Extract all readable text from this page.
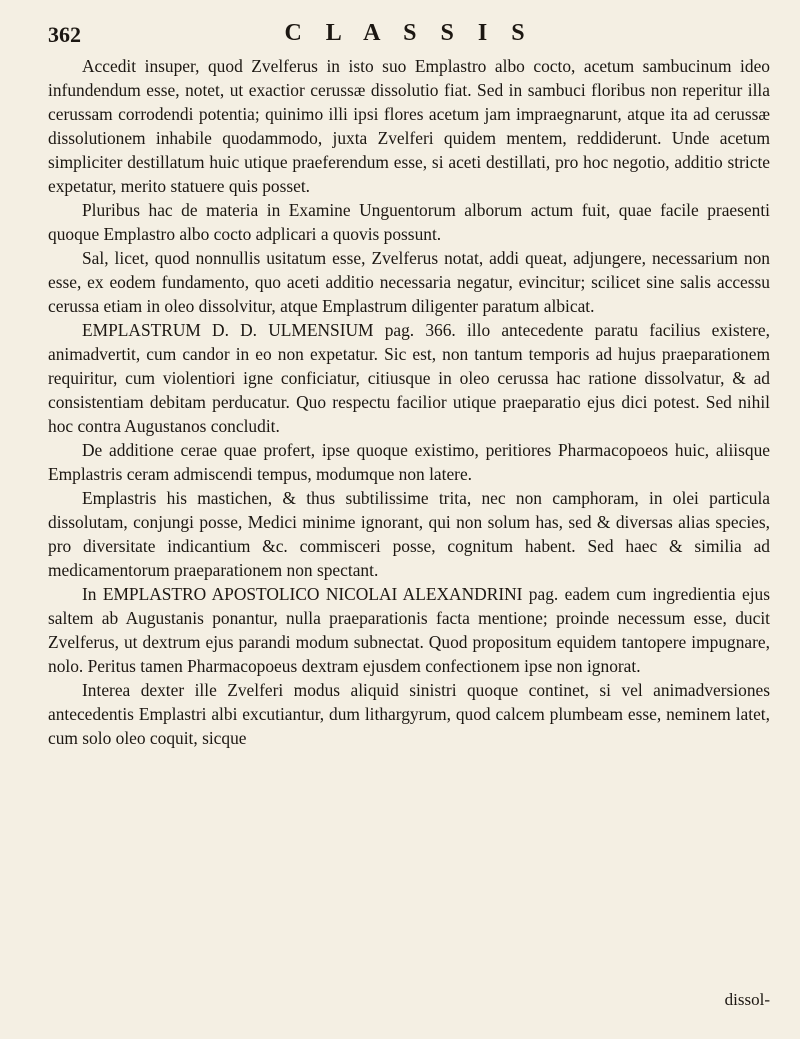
362	C L A S S I S

Accedit insuper, quod Zvelferus in isto suo Emplastro albo cocto, acetum sambucinum ideo infundendum esse, notet, ut exactior cerussæ dissolutio fiat. Sed in sambuci floribus non reperitur illa cerussam corrodendi potentia; quinimo illi ipsi flores acetum jam impraegnarunt, atque ita ad cerussæ dissolutionem inhabile quodammodo, juxta Zvelferi quidem mentem, reddiderunt. Unde acetum simpliciter destillatum huic utique praeferendum esse, si aceti destillati, pro hoc negotio, additio stricte expetatur, merito statuere quis posset.

Pluribus hac de materia in Examine Unguentorum alborum actum fuit, quae facile praesenti quoque Emplastro albo cocto adplicari a quovis possunt.

Sal, licet, quod nonnullis usitatum esse, Zvelferus notat, addi queat, adjungere, necessarium non esse, ex eodem fundamento, quo aceti additio necessaria negatur, evincitur; scilicet sine salis accessu cerussa etiam in oleo dissolvitur, atque Emplastrum diligenter paratum albicat.

EMPLASTRUM D. D. ULMENSIUM pag. 366. illo antecedente paratu facilius existere, animadvertit, cum candor in eo non expetatur. Sic est, non tantum temporis ad hujus praeparationem requiritur, cum violentiori igne conficiatur, citiusque in oleo cerussa hac ratione dissolvatur, & ad consistentiam debitam perducatur. Quo respectu facilior utique praeparatio ejus dici potest. Sed nihil hoc contra Augustanos concludit.

De additione cerae quae profert, ipse quoque existimo, peritiores Pharmacopoeos huic, aliisque Emplastris ceram admiscendi tempus, modumque non latere.

Emplastris his mastichen, & thus subtilissime trita, nec non camphoram, in olei particula dissolutam, conjungi posse, Medici minime ignorant, qui non solum has, sed & diversas alias species, pro diversitate indicantium &c. commisceri posse, cognitum habent. Sed haec & similia ad medicamentorum praeparationem non spectant.

In EMPLASTRO APOSTOLICO NICOLAI ALEXANDRINI pag. eadem cum ingredientia ejus saltem ab Augustanis ponantur, nulla praeparationis facta mentione; proinde necessum esse, ducit Zvelferus, ut dextrum ejus parandi modum subnectat. Quod propositum equidem tantopere impugnare, nolo. Peritus tamen Pharmacopoeus dextram ejusdem confectionem ipse non ignorat.

Interea dexter ille Zvelferi modus aliquid sinistri quoque continet, si vel animadversiones antecedentis Emplastri albi excutiantur, dum lithargyrum, quod calcem plumbeam esse, neminem latet, cum solo oleo coquit, sicque

dissol-
